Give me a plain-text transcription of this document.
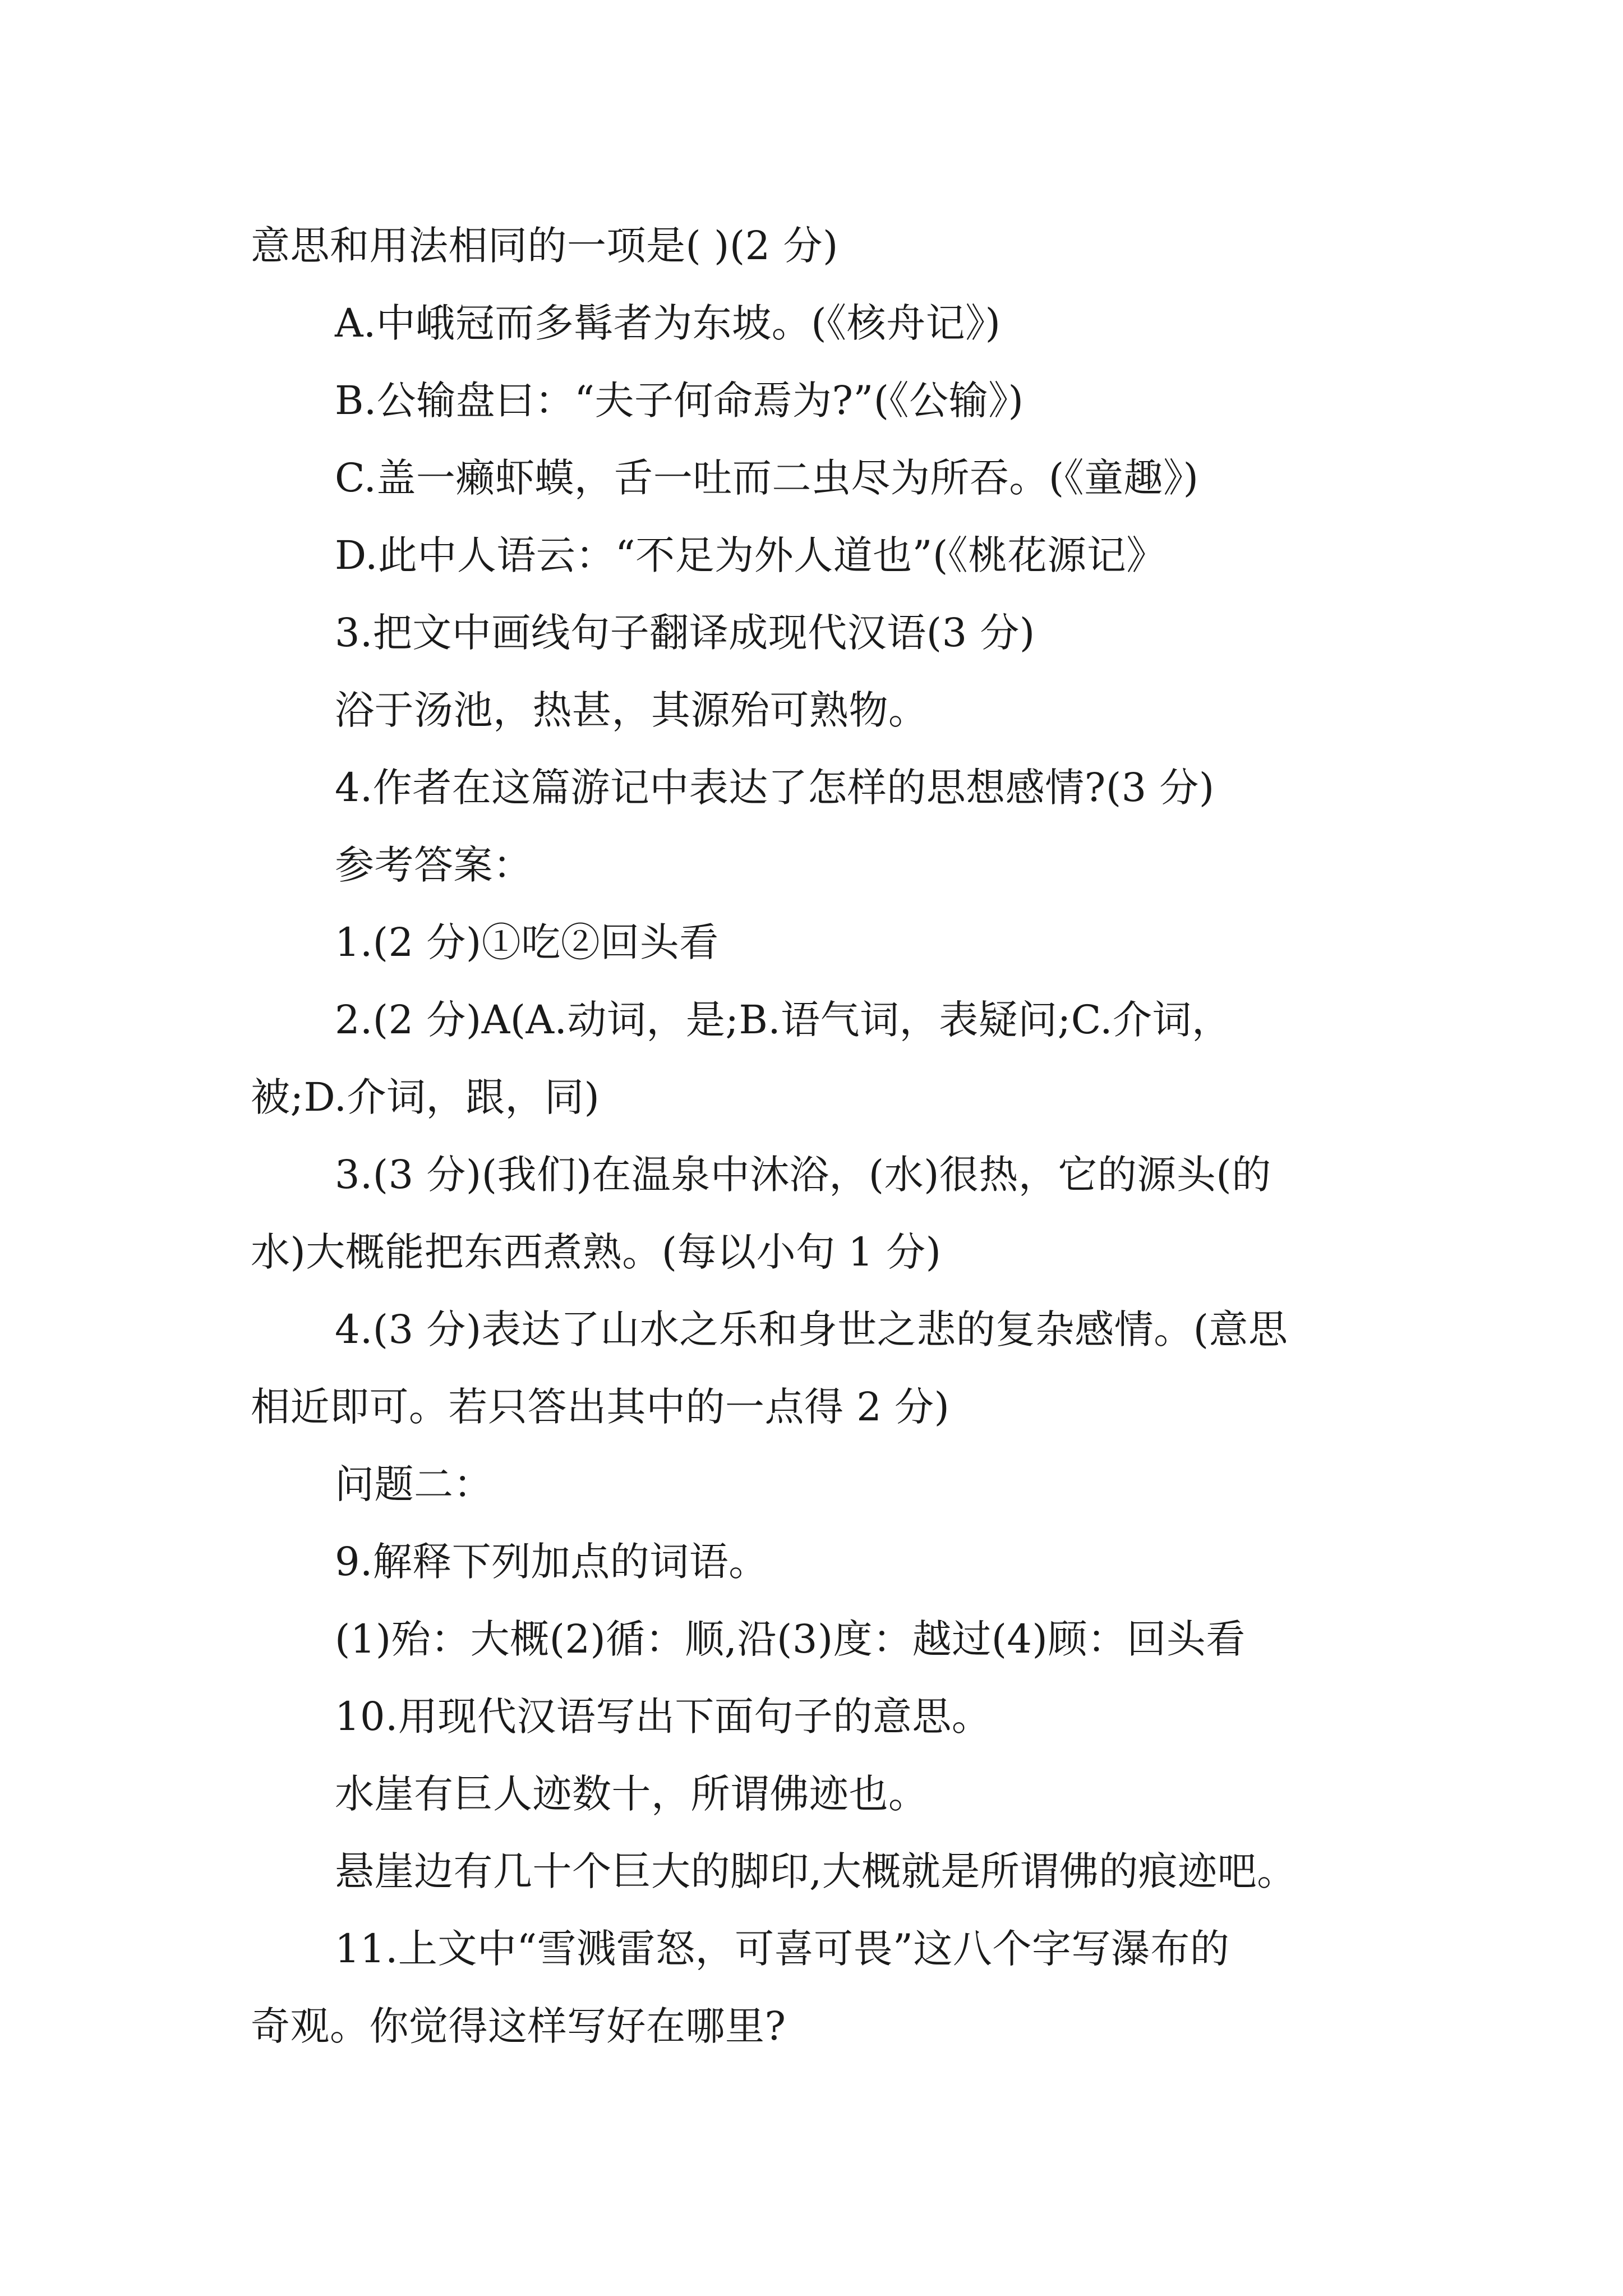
意思和用法相同的一项是( )(2 分)
A.中峨冠而多髯者为东坡。(《核舟记》)
B.公输盘曰：“夫子何命焉为?”(《公输》)
C.盖一癞虾蟆，舌一吐而二虫尽为所吞。(《童趣》)
D.此中人语云：“不足为外人道也”(《桃花源记》
3.把文中画线句子翻译成现代汉语(3 分)
浴于汤池，热甚，其源殆可熟物。
4.作者在这篇游记中表达了怎样的思想感情?(3 分)
参考答案：
1.(2 分)①吃②回头看
2.(2 分)A(A.动词，是;B.语气词，表疑问;C.介词，
被;D.介词，跟，同)
3.(3 分)(我们)在温泉中沐浴，(水)很热，它的源头(的
水)大概能把东西煮熟。(每以小句 1 分)
4.(3 分)表达了山水之乐和身世之悲的复杂感情。(意思
相近即可。若只答出其中的一点得 2 分)
问题二：
9.解释下列加点的词语。
(1)殆：大概(2)循：顺,沿(3)度：越过(4)顾：回头看
10.用现代汉语写出下面句子的意思。
水崖有巨人迹数十，所谓佛迹也。
悬崖边有几十个巨大的脚印,大概就是所谓佛的痕迹吧。
11.上文中“雪溅雷怒，可喜可畏”这八个字写瀑布的
奇观。你觉得这样写好在哪里?
